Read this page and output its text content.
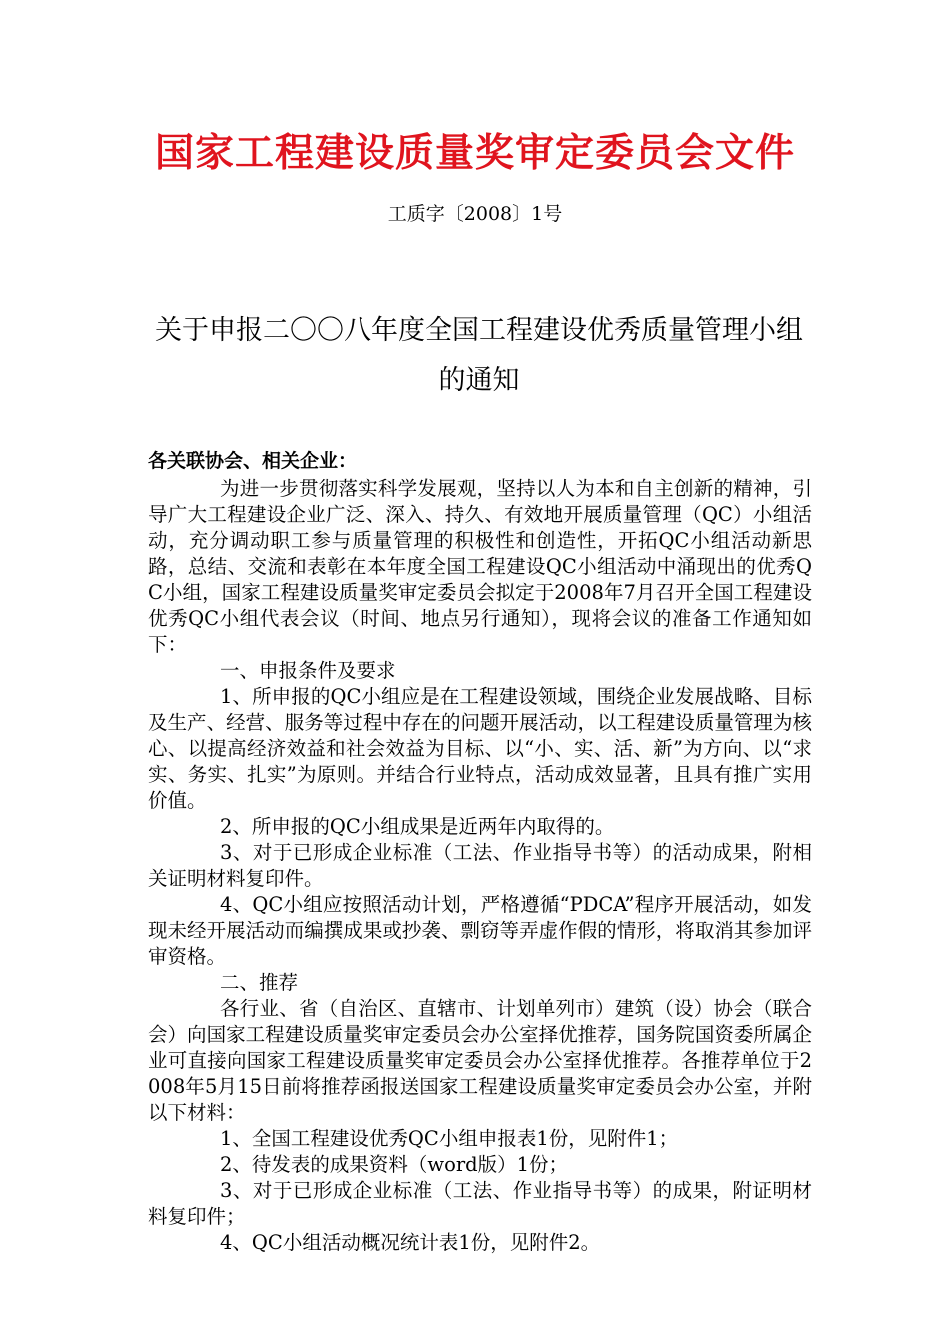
国家工程建设质量奖审定委员会文件
工质字〔2008〕1号
关于申报二〇〇八年度全国工程建设优秀质量管理小组的通知

各关联协会、相关企业：

为进一步贯彻落实科学发展观，坚持以人为本和自主创新的精神，引导广大工程建设企业广泛、深入、持久、有效地开展质量管理（QC）小组活动，充分调动职工参与质量管理的积极性和创造性，开拓QC小组活动新思路，总结、交流和表彰在本年度全国工程建设QC小组活动中涌现出的优秀QC小组，国家工程建设质量奖审定委员会拟定于2008年7月召开全国工程建设优秀QC小组代表会议（时间、地点另行通知），现将会议的准备工作通知如下：

一、申报条件及要求

1、所申报的QC小组应是在工程建设领域，围绕企业发展战略、目标及生产、经营、服务等过程中存在的问题开展活动，以工程建设质量管理为核心、以提高经济效益和社会效益为目标、以“小、实、活、新”为方向、以“求实、务实、扎实”为原则。并结合行业特点，活动成效显著，且具有推广实用价值。

2、所申报的QC小组成果是近两年内取得的。

3、对于已形成企业标准（工法、作业指导书等）的活动成果，附相关证明材料复印件。

4、QC小组应按照活动计划，严格遵循“PDCA”程序开展活动，如发现未经开展活动而编撰成果或抄袭、剽窃等弄虚作假的情形，将取消其参加评审资格。

二、推荐

各行业、省（自治区、直辖市、计划单列市）建筑（设）协会（联合会）向国家工程建设质量奖审定委员会办公室择优推荐，国务院国资委所属企业可直接向国家工程建设质量奖审定委员会办公室择优推荐。各推荐单位于2008年5月15日前将推荐函报送国家工程建设质量奖审定委员会办公室，并附以下材料：

1、全国工程建设优秀QC小组申报表1份，见附件1；

2、待发表的成果资料（word版）1份；

3、对于已形成企业标准（工法、作业指导书等）的成果，附证明材料复印件；

4、QC小组活动概况统计表1份，见附件2。
